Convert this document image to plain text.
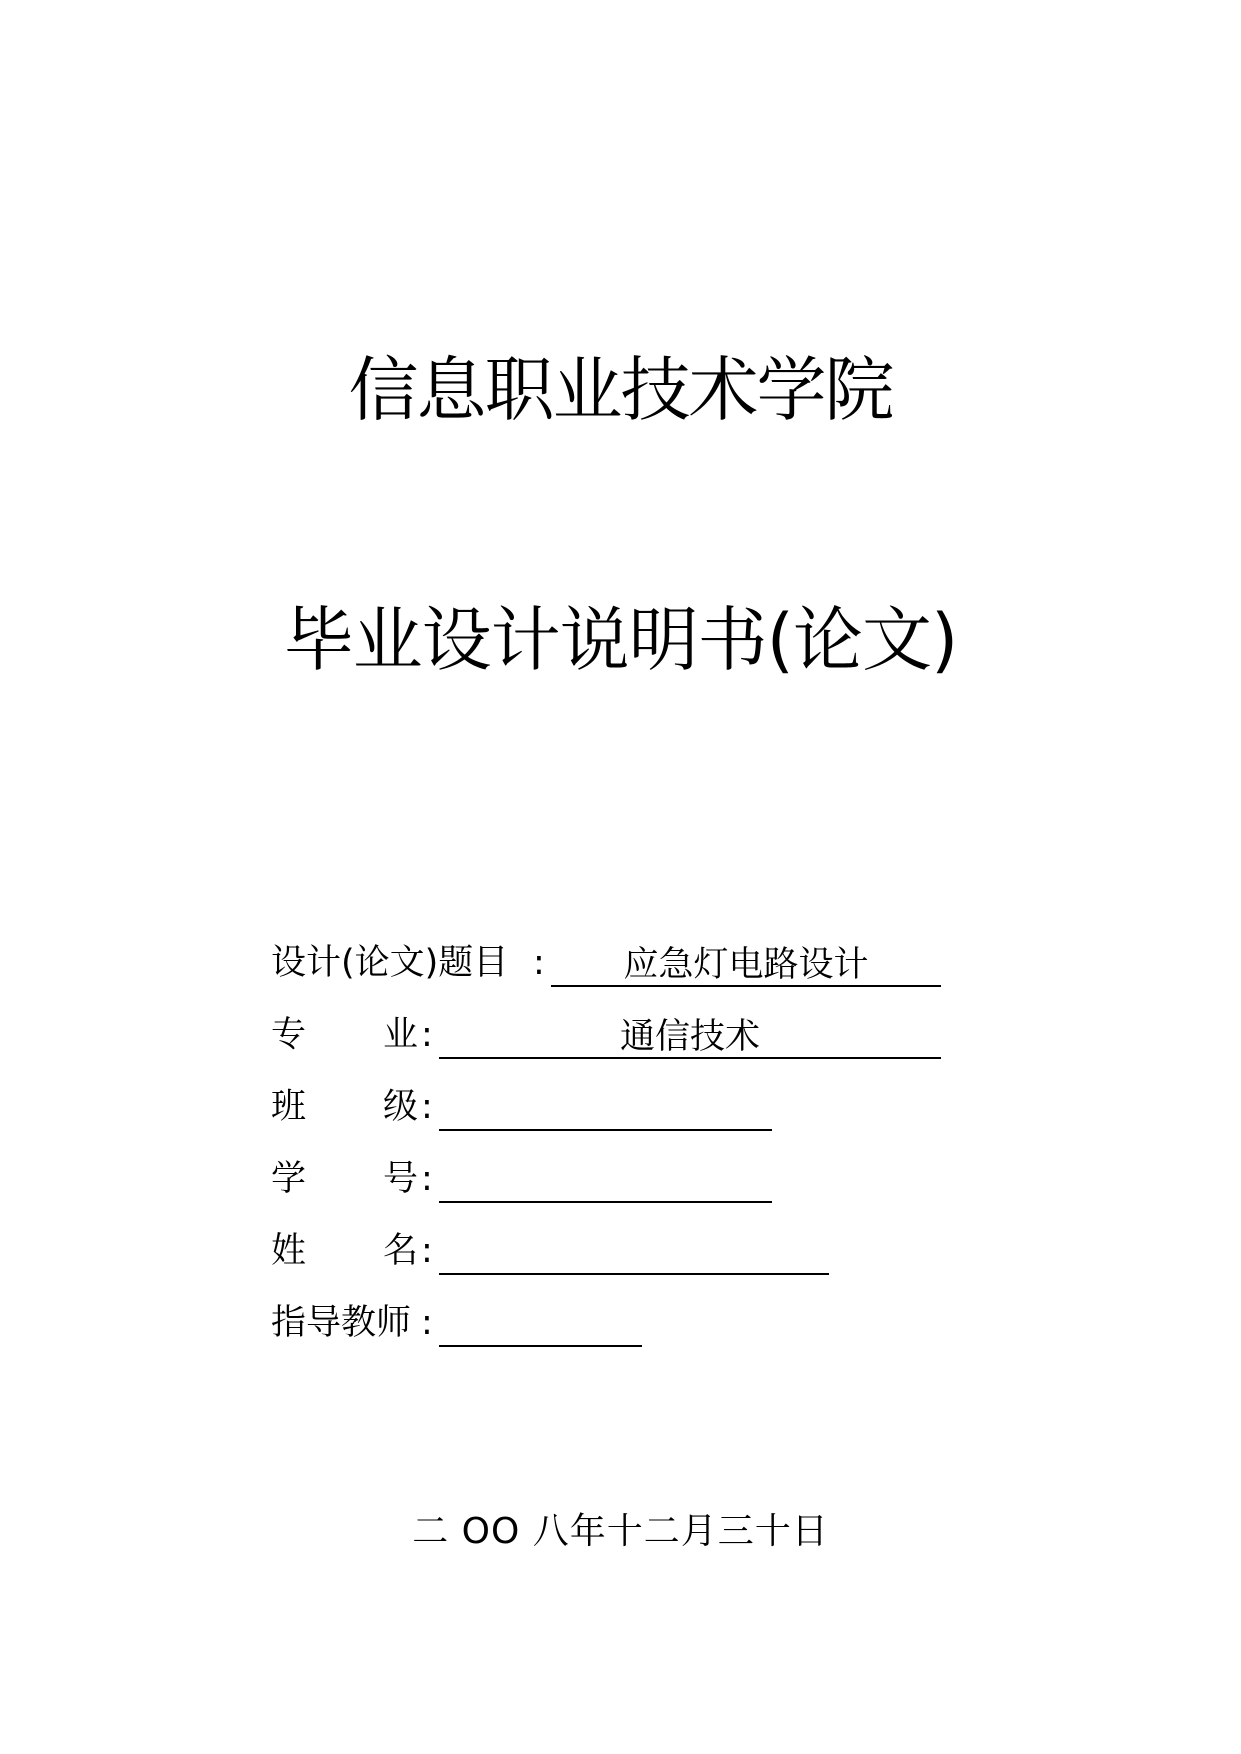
信息职业技术学院
毕业设计说明书(论文)
设计(论文)题目 :	应急灯电路设计
专 业 :	通信技术
班 级 :
学 号 :
姓 名 :
指导教师 :
二 OO 八年十二月三十日
